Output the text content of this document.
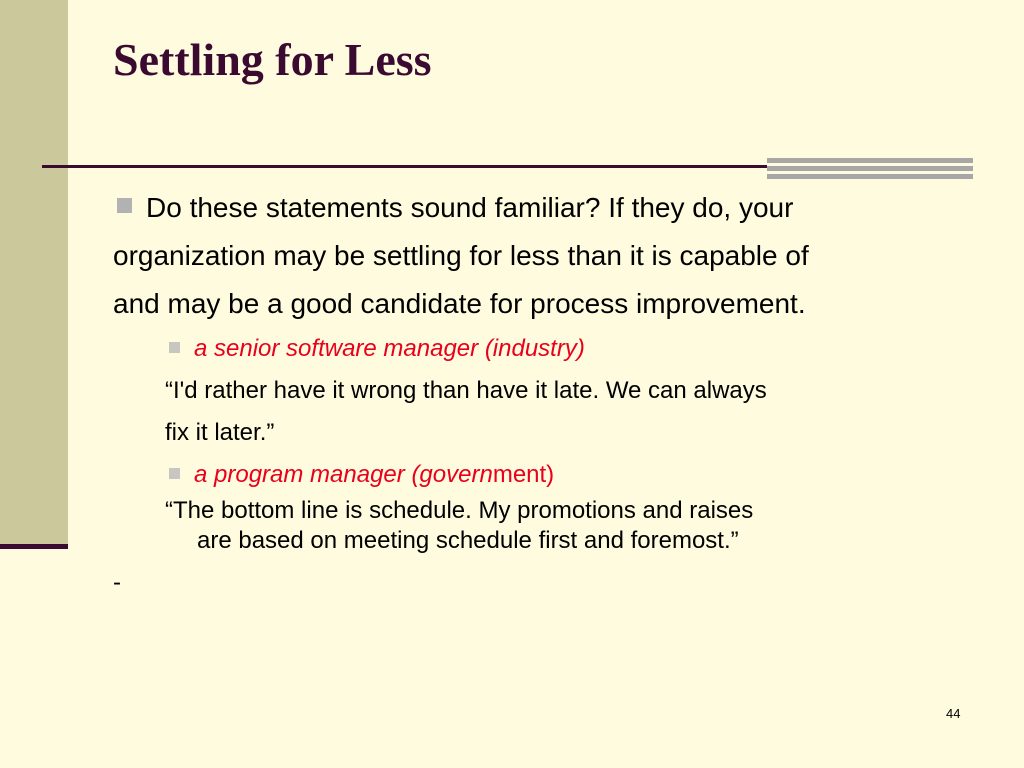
Settling for Less

Do these statements sound familiar? If they do, your
organization may be settling for less than it is capable of
and may be a good candidate for process improvement.

a senior software manager (industry)

“I'd rather have it wrong than have it late. We can always
fix it later.”

a program manager (government)

“The bottom line is schedule. My promotions and raises
are based on meeting schedule first and foremost.”

-

44
